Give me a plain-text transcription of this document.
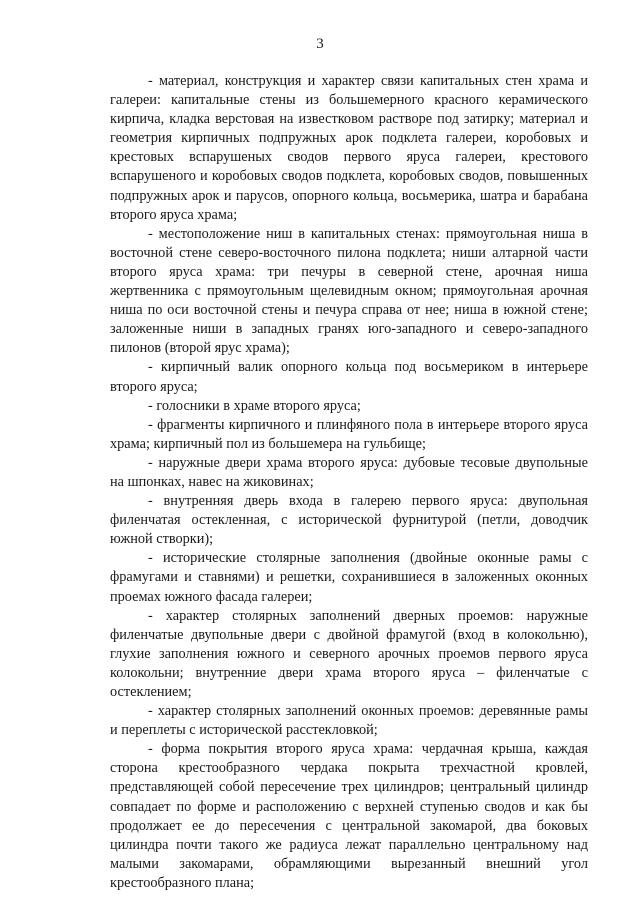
3

- материал, конструкция и характер связи капитальных стен храма и галереи: капитальные стены из большемерного красного керамического кирпича, кладка верстовая на известковом растворе под затирку; материал и геометрия кирпичных подпружных арок подклета галереи, коробовых и крестовых вспарушеных сводов первого яруса галереи, крестового вспарушеного и коробовых сводов подклета, коробовых сводов, повышенных подпружных арок и парусов, опорного кольца, восьмерика, шатра и барабана второго яруса храма;

- местоположение ниш в капитальных стенах: прямоугольная ниша в восточной стене северо-восточного пилона подклета; ниши алтарной части второго яруса храма: три печуры в северной стене, арочная ниша жертвенника с прямоугольным щелевидным окном; прямоугольная арочная ниша по оси восточной стены и печура справа от нее; ниша в южной стене; заложенные ниши в западных гранях юго-западного и северо-западного пилонов (второй ярус храма);

- кирпичный валик опорного кольца под восьмериком в интерьере второго яруса;

- голосники в храме второго яруса;

- фрагменты кирпичного и плинфяного пола в интерьере второго яруса храма; кирпичный пол из большемера на гульбище;

- наружные двери храма второго яруса: дубовые тесовые двупольные на шпонках, навес на жиковинах;

- внутренняя дверь входа в галерею первого яруса: двупольная филенчатая остекленная, с исторической фурнитурой (петли, доводчик южной створки);

- исторические столярные заполнения (двойные оконные рамы с фрамугами и ставнями) и решетки, сохранившиеся в заложенных оконных проемах южного фасада галереи;

- характер столярных заполнений дверных проемов: наружные филенчатые двупольные двери с двойной фрамугой (вход в колокольню), глухие заполнения южного и северного арочных проемов первого яруса колокольни; внутренние двери храма второго яруса – филенчатые с остеклением;

- характер столярных заполнений оконных проемов: деревянные рамы и переплеты с исторической расстекловкой;

- форма покрытия второго яруса храма: чердачная крыша, каждая сторона крестообразного чердака покрыта трехчастной кровлей, представляющей собой пересечение трех цилиндров; центральный цилиндр совпадает по форме и расположению с верхней ступенью сводов и как бы продолжает ее до пересечения с центральной закомарой, два боковых цилиндра почти такого же радиуса лежат параллельно центральному над малыми закомарами, обрамляющими вырезанный внешний угол крестообразного плана;
